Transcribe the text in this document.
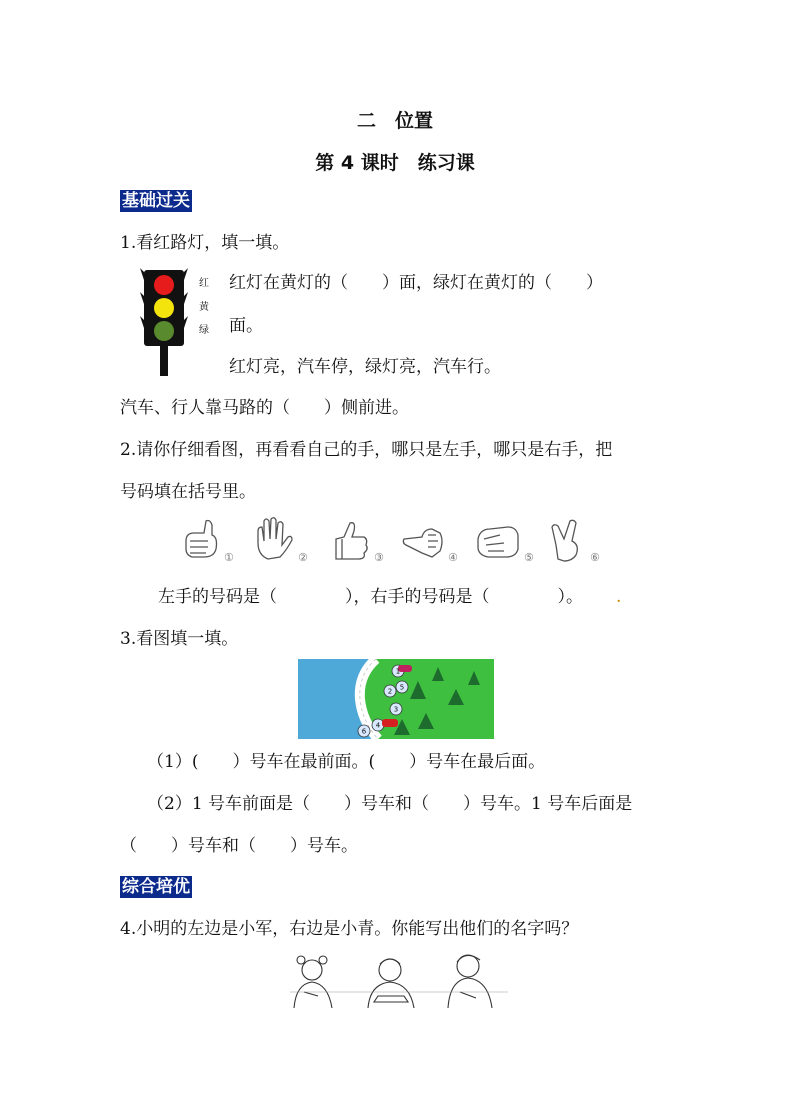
二　位置
第 4 课时　练习课
基础过关
1.看红路灯，填一填。
红
黄
绿
红灯在黄灯的（　　）面，绿灯在黄灯的（　　）
面。
红灯亮，汽车停，绿灯亮，汽车行。
汽车、行人靠马路的（　　）侧前进。
2.请你仔细看图，再看看自己的手，哪只是左手，哪只是右手，把
号码填在括号里。
①	②	③	④	⑤	⑥
左手的号码是（　　　　），右手的号码是（　　　　）。 .
3.看图填一填。
1
2
3
4
5
6
（1）(　　）号车在最前面。(　　）号车在最后面。
（2）1 号车前面是（　　）号车和（　　）号车。1 号车后面是
（　　）号车和（　　）号车。
综合培优
4.小明的左边是小军，右边是小青。你能写出他们的名字吗？
